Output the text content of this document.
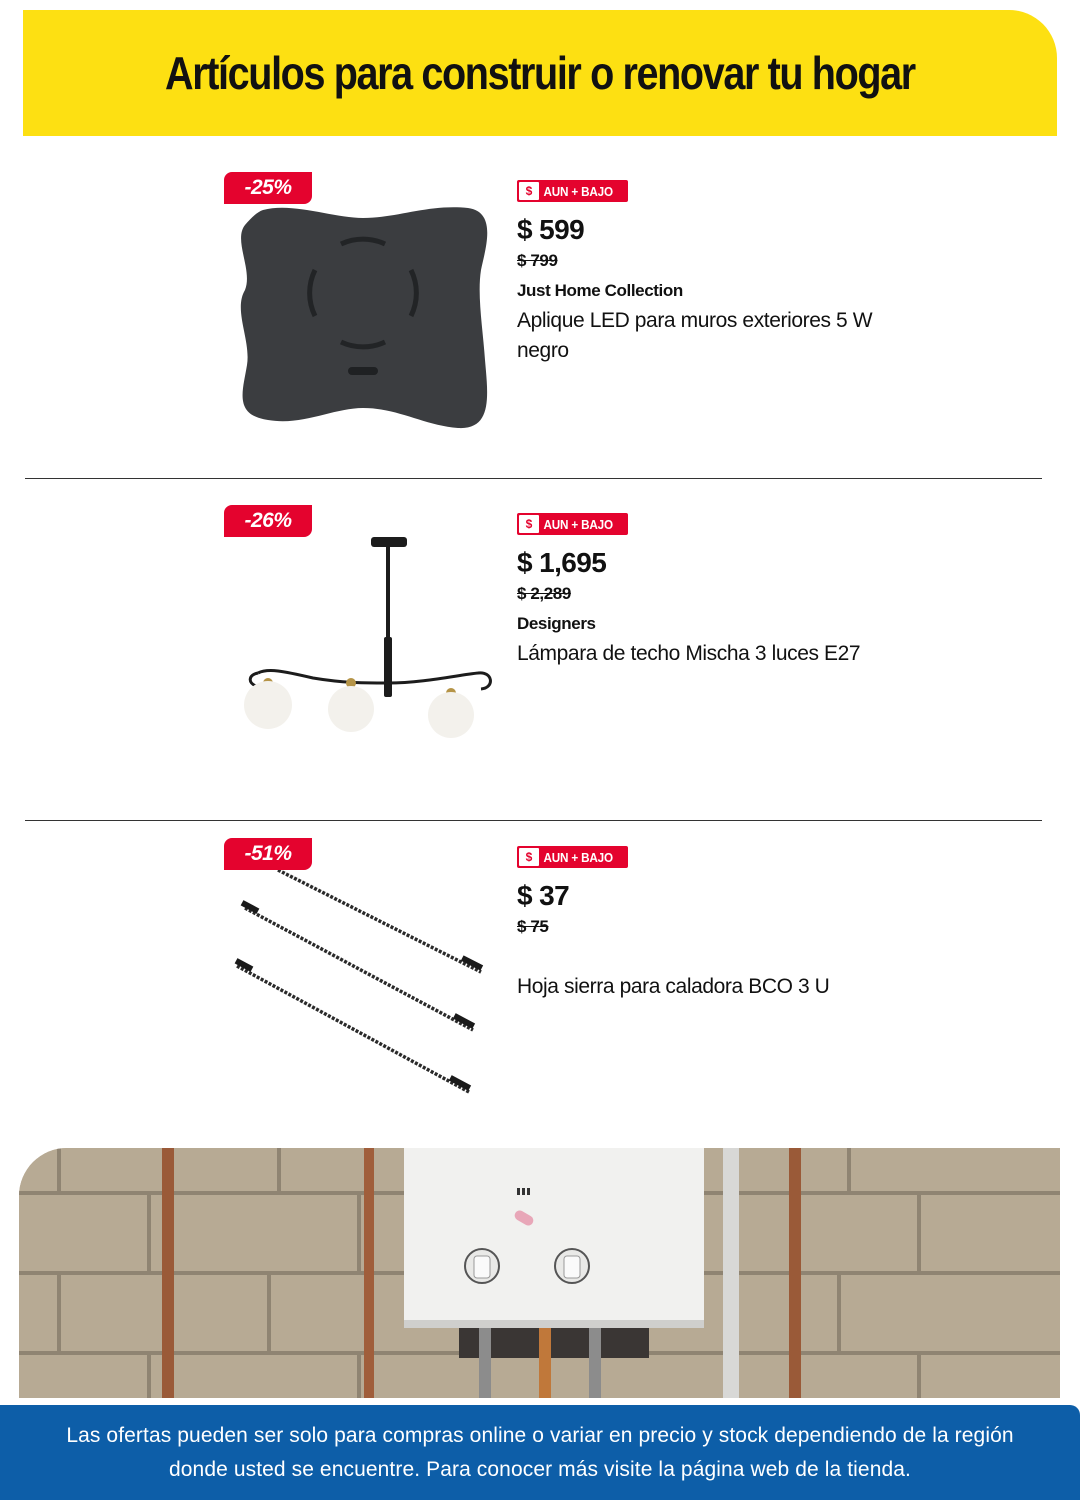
Artículos para construir o renovar tu hogar
-25%	$ AUN + BAJO
$ 599
$ 799
Just Home Collection
Aplique LED para muros exteriores 5 W negro
-26%	$ AUN + BAJO
$ 1,695
$ 2,289
Designers
Lámpara de techo Mischa 3 luces E27
-51%	$ AUN + BAJO
$ 37
$ 75
Hoja sierra para caladora BCO 3 U
Las ofertas pueden ser solo para compras online o variar en precio y stock dependiendo de la región donde usted se encuentre. Para conocer más visite la página web de la tienda.
